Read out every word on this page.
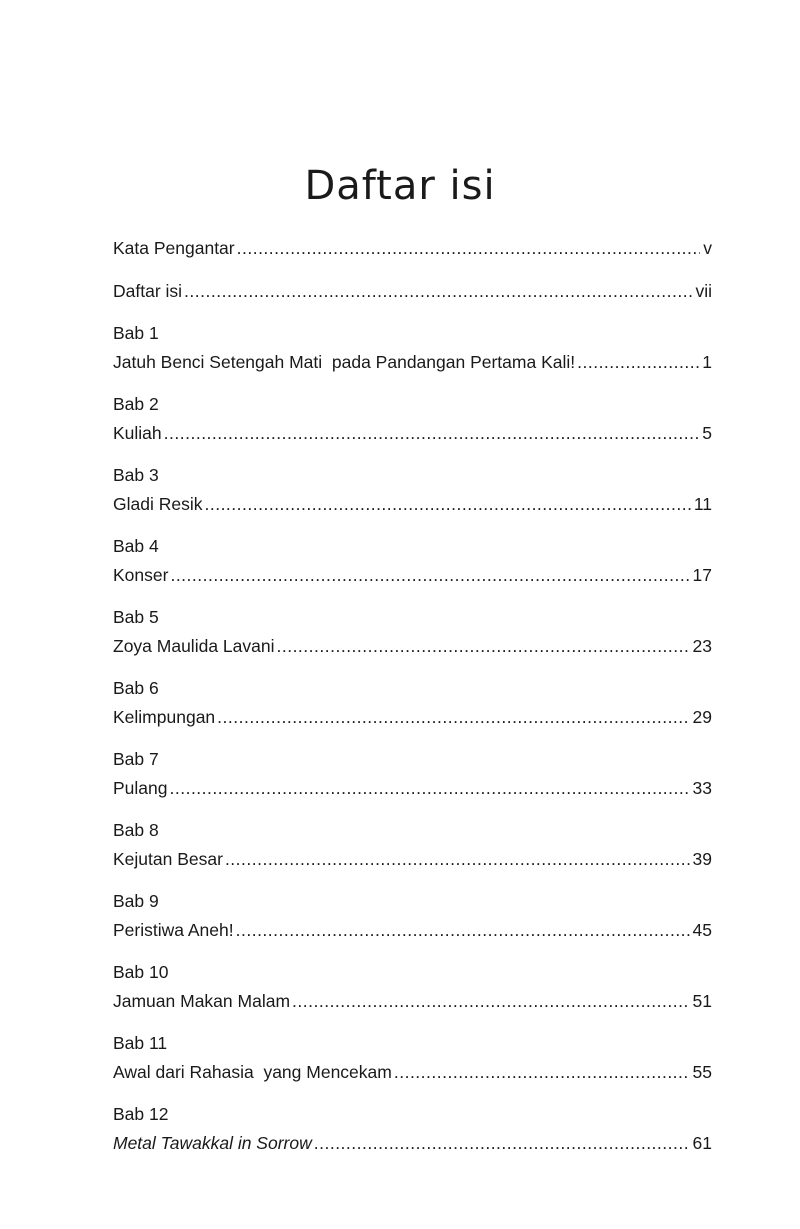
Daftar isi
Kata Pengantar .....	v
Daftar isi .....	vii
Bab 1
Jatuh Benci Setengah Mati  pada Pandangan Pertama Kali! .....	1
Bab 2
Kuliah .....	5
Bab 3
Gladi Resik .....	11
Bab 4
Konser .....	17
Bab 5
Zoya Maulida Lavani .....	23
Bab 6
Kelimpungan .....	29
Bab 7
Pulang .....	33
Bab 8
Kejutan Besar .....	39
Bab 9
Peristiwa Aneh! .....	45
Bab 10
Jamuan Makan Malam .....	51
Bab 11
Awal dari Rahasia  yang Mencekam .....	55
Bab 12
Metal Tawakkal in Sorrow .....	61
